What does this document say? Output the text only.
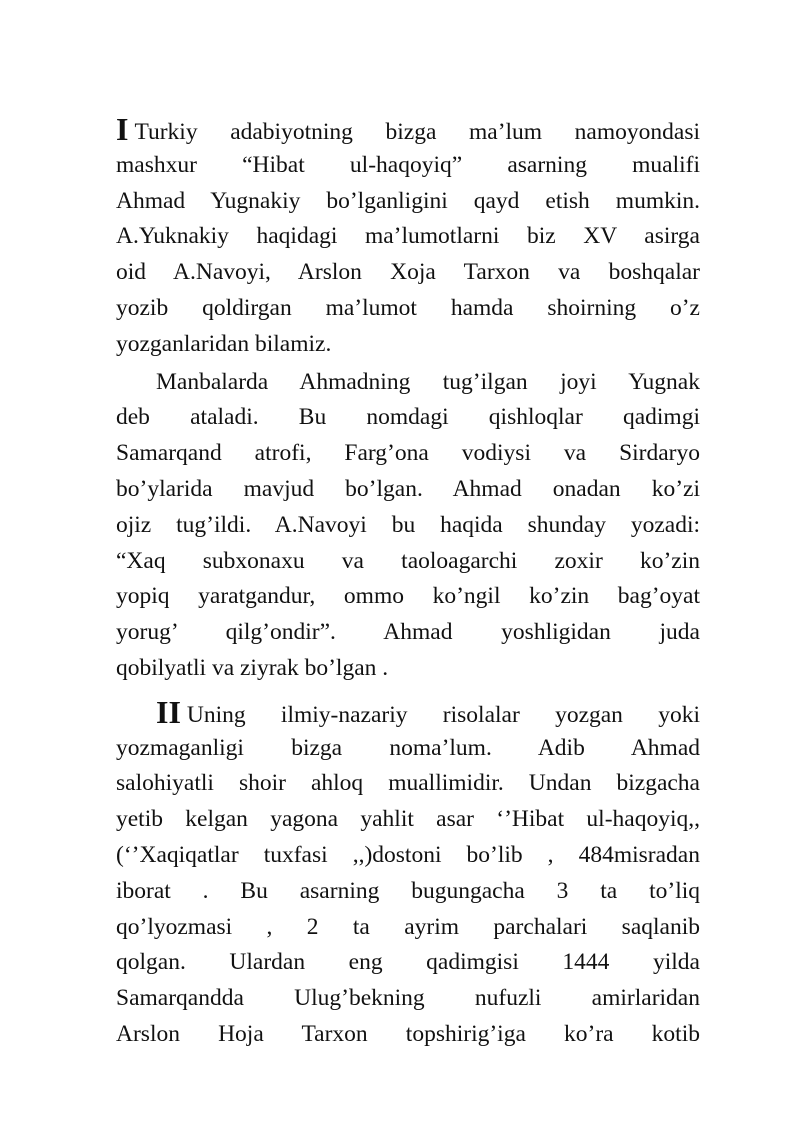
I Turkiy adabiyotning bizga ma’lum namoyondasi
mashxur “Hibat ul-haqoyiq” asarning mualifi
Ahmad Yugnakiy bo’lganligini qayd etish mumkin.
A.Yuknakiy haqidagi ma’lumotlarni biz XV asirga
oid A.Navoyi, Arslon Xoja Tarxon va boshqalar
yozib qoldirgan ma’lumot hamda shoirning o’z
yozganlaridan bilamiz.
Manbalarda Ahmadning tug’ilgan joyi Yugnak
deb ataladi. Bu nomdagi qishloqlar qadimgi
Samarqand atrofi, Farg’ona vodiysi va Sirdaryo
bo’ylarida mavjud bo’lgan. Ahmad onadan ko’zi
ojiz tug’ildi. A.Navoyi bu haqida shunday yozadi:
“Xaq subxonaxu va taoloagarchi zoxir ko’zin
yopiq yaratgandur, ommo ko’ngil ko’zin bag’oyat
yorug’ qilg’ondir”. Ahmad yoshligidan juda
qobilyatli va ziyrak bo’lgan .
II Uning ilmiy-nazariy risolalar yozgan yoki
yozmaganligi bizga noma’lum. Adib Ahmad
salohiyatli shoir ahloq muallimidir. Undan bizgacha
yetib kelgan yagona yahlit asar ‘’Hibat ul-haqoyiq,,
(‘’Xaqiqatlar tuxfasi ,,)dostoni bo’lib , 484misradan
iborat . Bu asarning bugungacha 3 ta to’liq
qo’lyozmasi , 2 ta ayrim parchalari saqlanib
qolgan. Ulardan eng qadimgisi 1444 yilda
Samarqandda Ulug’bekning nufuzli amirlaridan
Arslon Hoja Tarxon topshirig’iga ko’ra kotib
